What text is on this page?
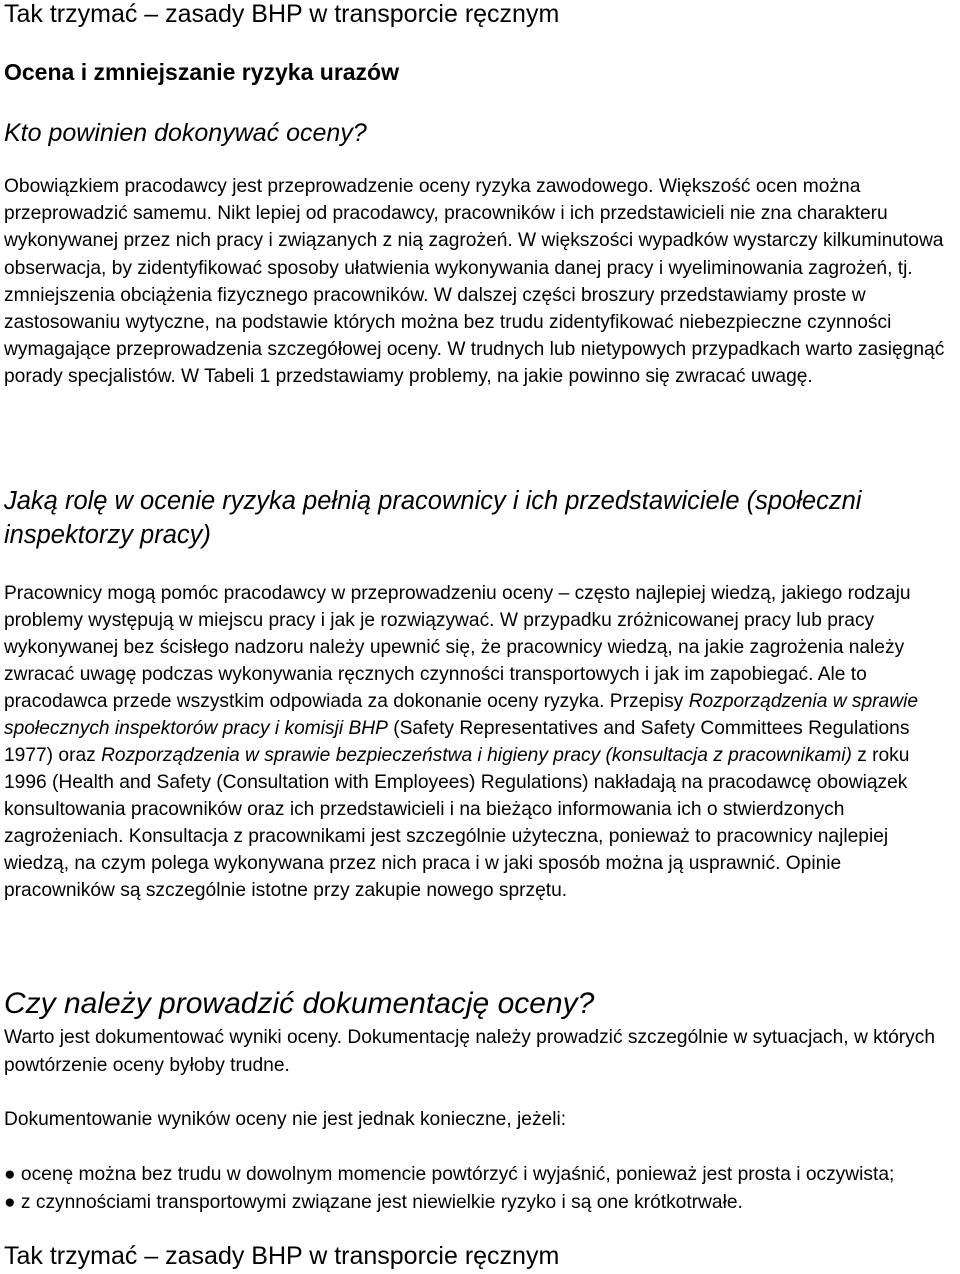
Tak trzymać – zasady BHP w transporcie ręcznym
Ocena i zmniejszanie ryzyka urazów
Kto powinien dokonywać oceny?

Obowiązkiem pracodawcy jest przeprowadzenie oceny ryzyka zawodowego. Większość ocen można przeprowadzić samemu. Nikt lepiej od pracodawcy, pracowników i ich przedstawicieli nie zna charakteru wykonywanej przez nich pracy i związanych z nią zagrożeń. W większości wypadków wystarczy kilkuminutowa obserwacja, by zidentyfikować sposoby ułatwienia wykonywania danej pracy i wyeliminowania zagrożeń, tj. zmniejszenia obciążenia fizycznego pracowników. W dalszej części broszury przedstawiamy proste w zastosowaniu wytyczne, na podstawie których można bez trudu zidentyfikować niebezpieczne czynności wymagające przeprowadzenia szczegółowej oceny. W trudnych lub nietypowych przypadkach warto zasięgnąć porady specjalistów. W Tabeli 1 przedstawiamy problemy, na jakie powinno się zwracać uwagę.

Jaką rolę w ocenie ryzyka pełnią pracownicy i ich przedstawiciele (społeczni inspektorzy pracy)

Pracownicy mogą pomóc pracodawcy w przeprowadzeniu oceny – często najlepiej wiedzą, jakiego rodzaju problemy występują w miejscu pracy i jak je rozwiązywać. W przypadku zróżnicowanej pracy lub pracy wykonywanej bez ścisłego nadzoru należy upewnić się, że pracownicy wiedzą, na jakie zagrożenia należy zwracać uwagę podczas wykonywania ręcznych czynności transportowych i jak im zapobiegać. Ale to pracodawca przede wszystkim odpowiada za dokonanie oceny ryzyka. Przepisy Rozporządzenia w sprawie społecznych inspektorów pracy i komisji BHP (Safety Representatives and Safety Committees Regulations 1977) oraz Rozporządzenia w sprawie bezpieczeństwa i higieny pracy (konsultacja z pracownikami) z roku 1996 (Health and Safety (Consultation with Employees) Regulations) nakładają na pracodawcę obowiązek konsultowania pracowników oraz ich przedstawicieli i na bieżąco informowania ich o stwierdzonych zagrożeniach. Konsultacja z pracownikami jest szczególnie użyteczna, ponieważ to pracownicy najlepiej wiedzą, na czym polega wykonywana przez nich praca i w jaki sposób można ją usprawnić. Opinie pracowników są szczególnie istotne przy zakupie nowego sprzętu.

Czy należy prowadzić dokumentację oceny?

Warto jest dokumentować wyniki oceny. Dokumentację należy prowadzić szczególnie w sytuacjach, w których powtórzenie oceny byłoby trudne.

Dokumentowanie wyników oceny nie jest jednak konieczne, jeżeli:

● ocenę można bez trudu w dowolnym momencie powtórzyć i wyjaśnić, ponieważ jest prosta i oczywista;
● z czynnościami transportowymi związane jest niewielkie ryzyko i są one krótkotrwałe.
Tak trzymać – zasady BHP w transporcie ręcznym
